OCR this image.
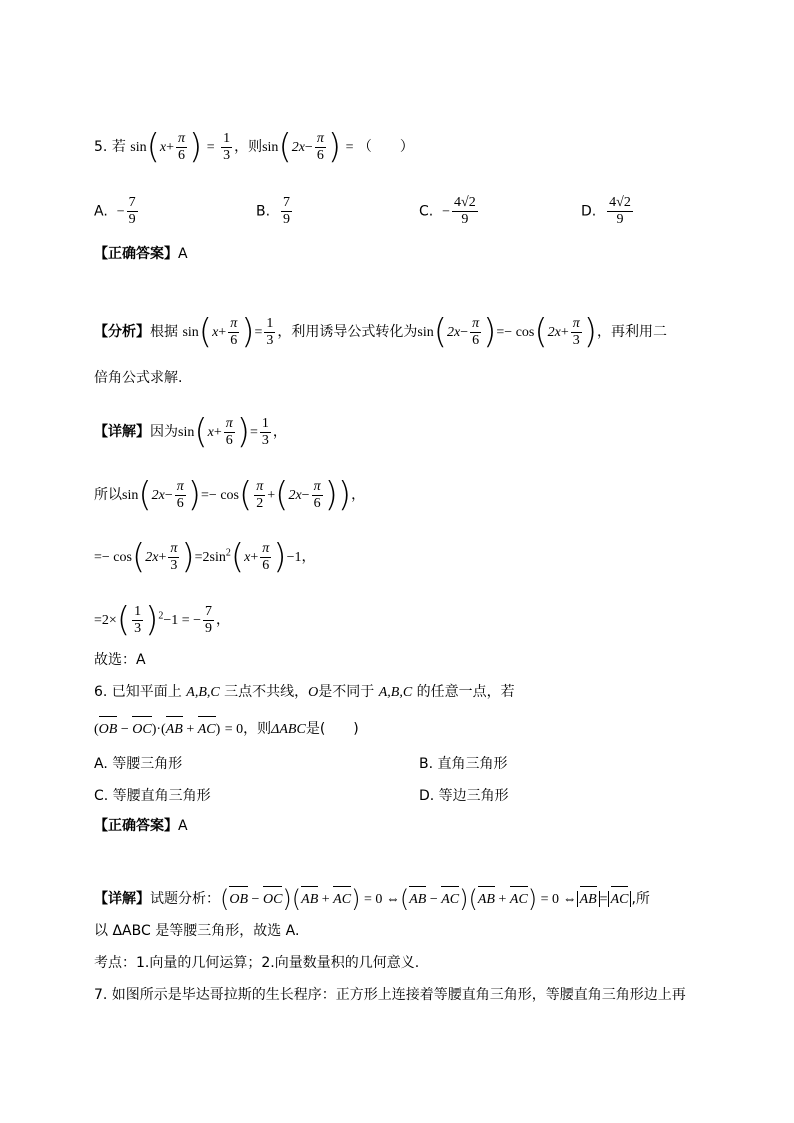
5. 若 $\sin(x+ \frac{\pi}{6}$ ) = $\frac{1}{3}$ ，则$\sin(2x- \frac{\pi}{6}$ ) = （　　）
A. − $\frac{7}{9}$	B. $\frac{7}{9}$	C. − $\frac{4√2}{9}$	D. $\frac{4√2}{9}$
【正确答案】A
【分析】根据 $\sin(x+ \frac{\pi}{6}$ )= $\frac{1}{3}$ ，利用诱导公式转化为$\sin(2x- \frac{\pi}{6}$ )=− $\cos(2x+ \frac{\pi}{3}$ )，再利用二
倍角公式求解.
【详解】因为$\sin(x+ \frac{\pi}{6}$ )= $\frac{1}{3}$ ，
所以$\sin(2x- \frac{\pi}{6}$ )=− $\cos( \frac{\pi}{2} +(2x- \frac{\pi}{6}$ ))，
=− $\cos(2x+ \frac{\pi}{3} )=2\sin^2(x+ \frac{\pi}{6} )-1$，
$=2\times( \frac{1}{3} )^2-1$ = − $\frac{7}{9}$ ，
故选：A
6. 已知平面上 A,B,C 三点不共线，O是不同于 A,B,C 的任意一点，若
(OB − OC)·(AB + AC) = 0，则ΔABC是(　　)
A. 等腰三角形	B. 直角三角形
C. 等腰直角三角形	D. 等边三角形
【正确答案】A
【详解】试题分析：(OB − OC)(AB + AC) = 0 ⇔(AB − AC)(AB + AC) = 0 ⇔ AB = AC ,所
以 ΔABC 是等腰三角形，故选 A.
考点：1.向量的几何运算；2.向量数量积的几何意义.
7. 如图所示是毕达哥拉斯的生长程序：正方形上连接着等腰直角三角形，等腰直角三角形边上再
